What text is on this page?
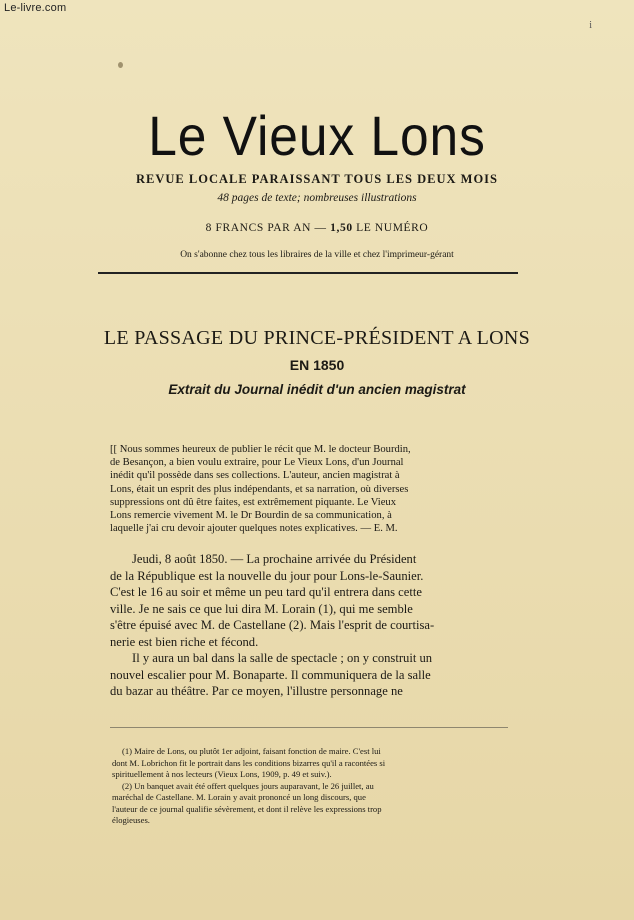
Le-livre.com
i
Le Vieux Lons
REVUE LOCALE PARAISSANT TOUS LES DEUX MOIS
48 pages de texte; nombreuses illustrations
8 FRANCS PAR AN — 1,50 LE NUMÉRO
On s'abonne chez tous les libraires de la ville et chez l'imprimeur-gérant
LE PASSAGE DU PRINCE-PRÉSIDENT A LONS
EN 1850
Extrait du Journal inédit d'un ancien magistrat
[[ Nous sommes heureux de publier le récit que M. le docteur Bourdin,
de Besançon, a bien voulu extraire, pour Le Vieux Lons, d'un Journal
inédit qu'il possède dans ses collections. L'auteur, ancien magistrat à
Lons, était un esprit des plus indépendants, et sa narration, où diverses
suppressions ont dû être faites, est extrêmement piquante. Le Vieux
Lons remercie vivement M. le Dr Bourdin de sa communication, à
laquelle j'ai cru devoir ajouter quelques notes explicatives. — E. M.
Jeudi, 8 août 1850. — La prochaine arrivée du Président
de la République est la nouvelle du jour pour Lons-le-Saunier.
C'est le 16 au soir et même un peu tard qu'il entrera dans cette
ville. Je ne sais ce que lui dira M. Lorain (1), qui me semble
s'être épuisé avec M. de Castellane (2). Mais l'esprit de courtisa-
nerie est bien riche et fécond.
Il y aura un bal dans la salle de spectacle ; on y construit un
nouvel escalier pour M. Bonaparte. Il communiquera de la salle
du bazar au théâtre. Par ce moyen, l'illustre personnage ne
(1) Maire de Lons, ou plutôt 1er adjoint, faisant fonction de maire. C'est lui
dont M. Lobrichon fit le portrait dans les conditions bizarres qu'il a racontées si
spirituellement à nos lecteurs (Vieux Lons, 1909, p. 49 et suiv.).
(2) Un banquet avait été offert quelques jours auparavant, le 26 juillet, au
maréchal de Castellane. M. Lorain y avait prononcé un long discours, que
l'auteur de ce journal qualifie sévèrement, et dont il relève les expressions trop
élogieuses.
